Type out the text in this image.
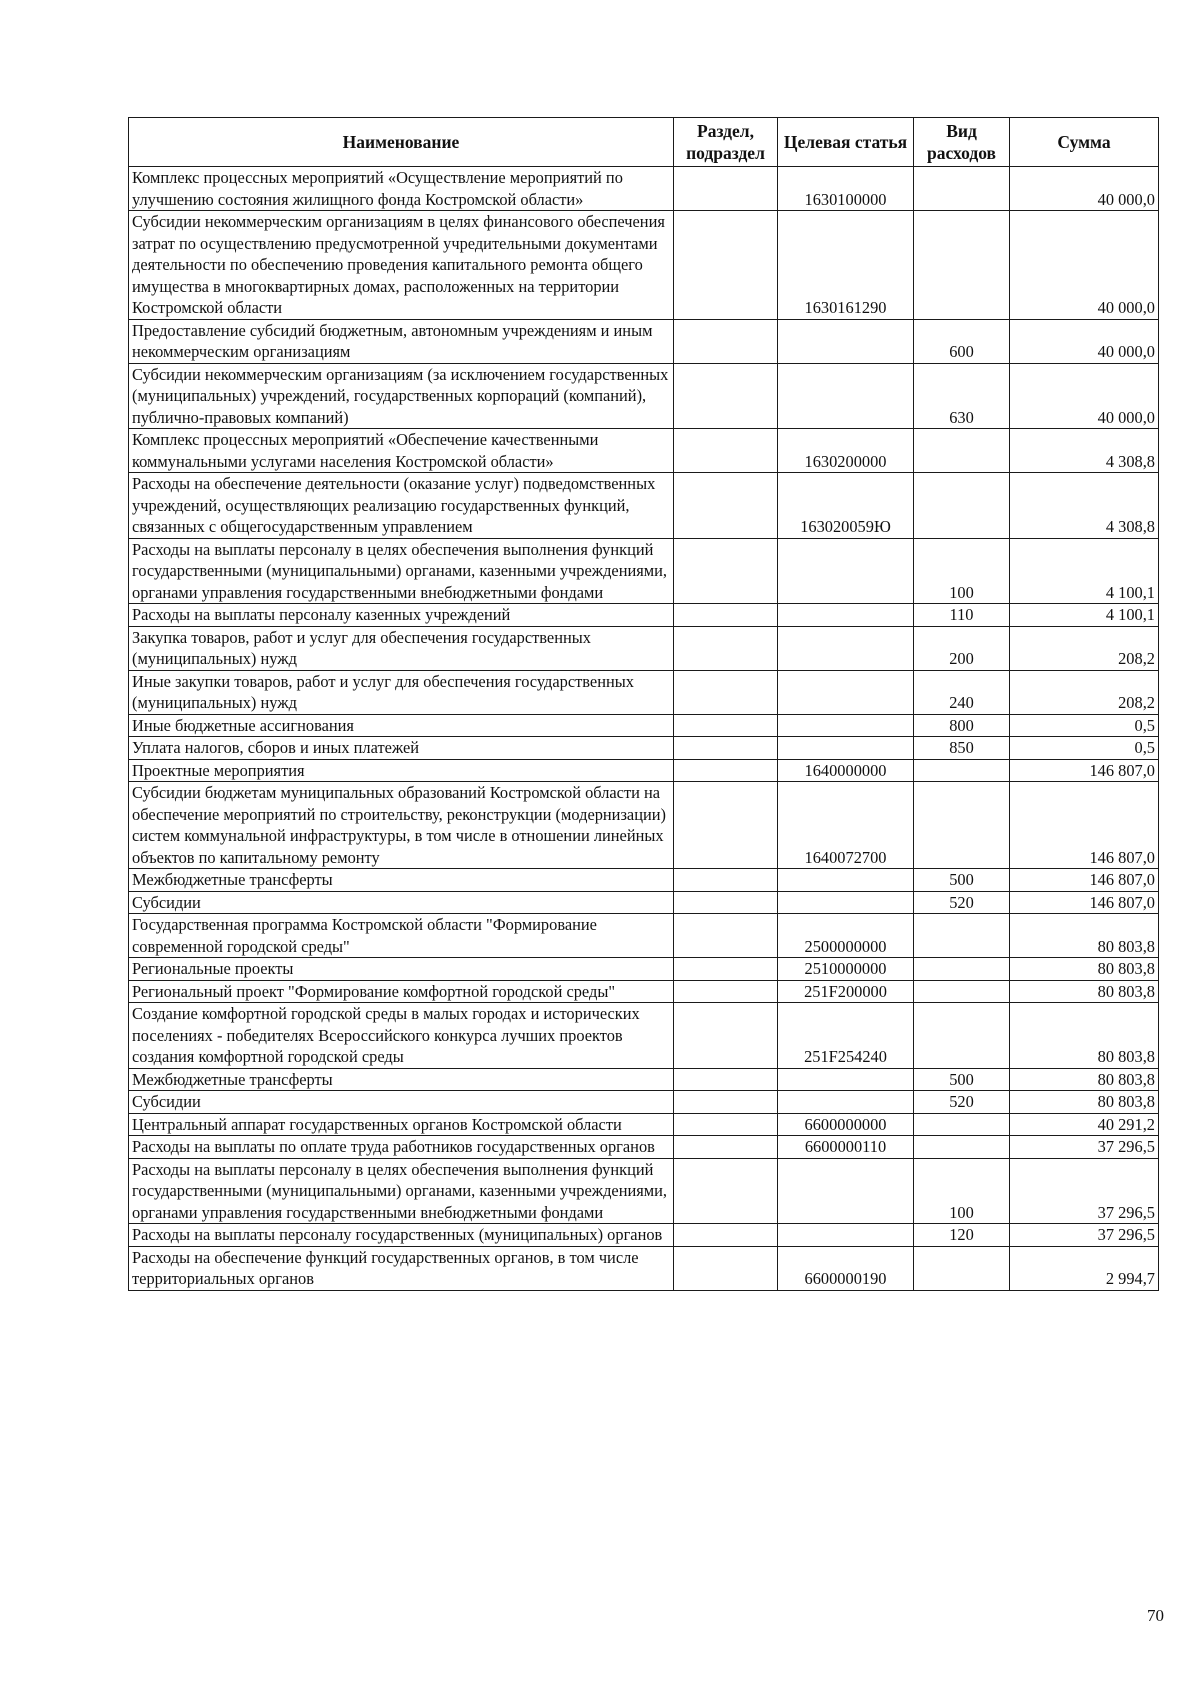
Наименование	Раздел, подраздел	Целевая статья	Вид расходов	Сумма
Комплекс процессных мероприятий «Осуществление мероприятий по улучшению состояния жилищного фонда Костромской области»		1630100000		40 000,0
Субсидии некоммерческим организациям в целях финансового обеспечения затрат по осуществлению предусмотренной учредительными документами деятельности по обеспечению проведения капитального ремонта общего имущества в многоквартирных домах, расположенных на территории Костромской области		1630161290		40 000,0
Предоставление субсидий бюджетным, автономным учреждениям и иным некоммерческим организациям			600	40 000,0
Субсидии некоммерческим организациям (за исключением государственных (муниципальных) учреждений, государственных корпораций (компаний), публично-правовых компаний)			630	40 000,0
Комплекс процессных мероприятий «Обеспечение качественными коммунальными услугами населения Костромской области»		1630200000		4 308,8
Расходы на обеспечение деятельности (оказание услуг) подведомственных учреждений, осуществляющих реализацию государственных функций, связанных с общегосударственным управлением		163020059Ю		4 308,8
Расходы на выплаты персоналу в целях обеспечения выполнения функций государственными (муниципальными) органами, казенными учреждениями, органами управления государственными внебюджетными фондами			100	4 100,1
Расходы на выплаты персоналу казенных учреждений			110	4 100,1
Закупка товаров, работ и услуг для обеспечения государственных (муниципальных) нужд			200	208,2
Иные закупки товаров, работ и услуг для обеспечения государственных (муниципальных) нужд			240	208,2
Иные бюджетные ассигнования			800	0,5
Уплата налогов, сборов и иных платежей			850	0,5
Проектные мероприятия		1640000000		146 807,0
Субсидии бюджетам муниципальных образований Костромской области на обеспечение мероприятий по строительству, реконструкции (модернизации) систем коммунальной инфраструктуры, в том числе в отношении линейных объектов по капитальному ремонту		1640072700		146 807,0
Межбюджетные трансферты			500	146 807,0
Субсидии			520	146 807,0
Государственная программа Костромской области "Формирование современной городской среды"		2500000000		80 803,8
Региональные проекты		2510000000		80 803,8
Региональный проект "Формирование комфортной городской среды"		251F200000		80 803,8
Создание комфортной городской среды в малых городах и исторических поселениях - победителях Всероссийского конкурса лучших проектов создания комфортной городской среды		251F254240		80 803,8
Межбюджетные трансферты			500	80 803,8
Субсидии			520	80 803,8
Центральный аппарат государственных органов Костромской области		6600000000		40 291,2
Расходы на выплаты по оплате труда работников государственных органов		6600000110		37 296,5
Расходы на выплаты персоналу в целях обеспечения выполнения функций государственными (муниципальными) органами, казенными учреждениями, органами управления государственными внебюджетными фондами			100	37 296,5
Расходы на выплаты персоналу государственных (муниципальных) органов			120	37 296,5
Расходы на обеспечение функций государственных органов, в том числе территориальных органов		6600000190		2 994,7
70
